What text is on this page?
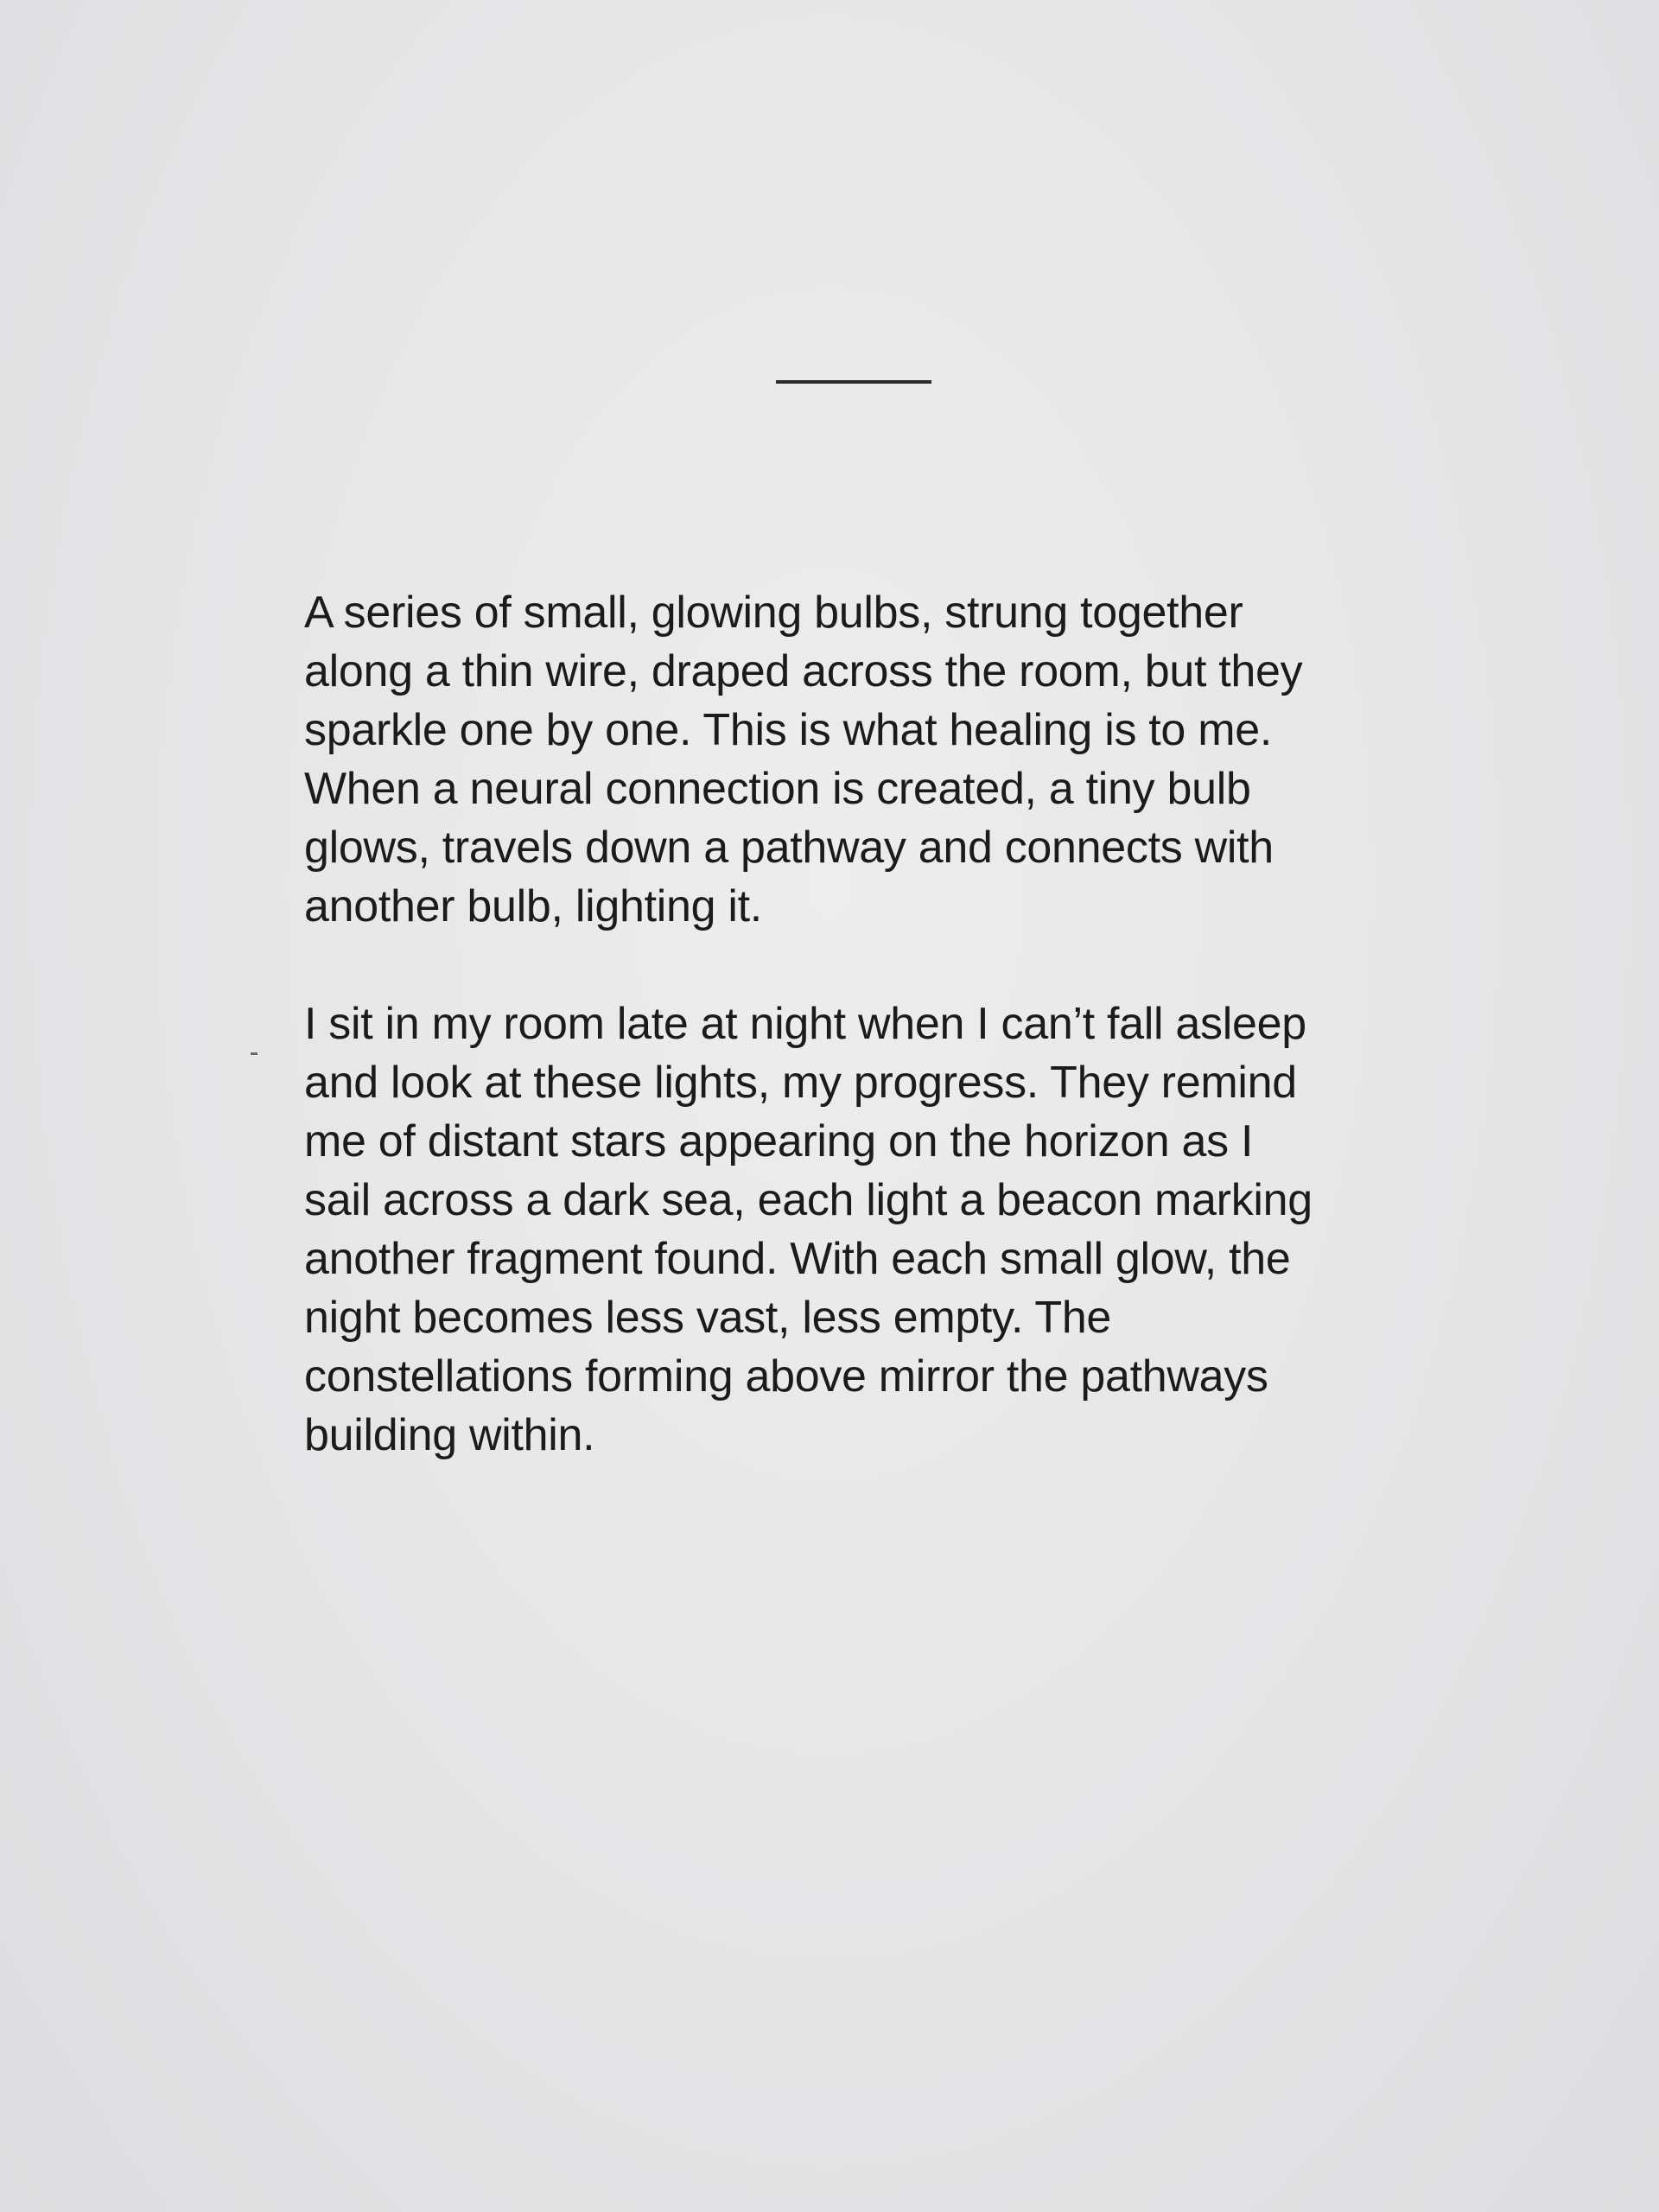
A series of small, glowing bulbs, strung together
along a thin wire, draped across the room, but they
sparkle one by one. This is what healing is to me.
When a neural connection is created, a tiny bulb
glows, travels down a pathway and connects with
another bulb, lighting it.

I sit in my room late at night when I can’t fall asleep
and look at these lights, my progress. They remind
me of distant stars appearing on the horizon as I
sail across a dark sea, each light a beacon marking
another fragment found. With each small glow, the
night becomes less vast, less empty. The
constellations forming above mirror the pathways
building within.
